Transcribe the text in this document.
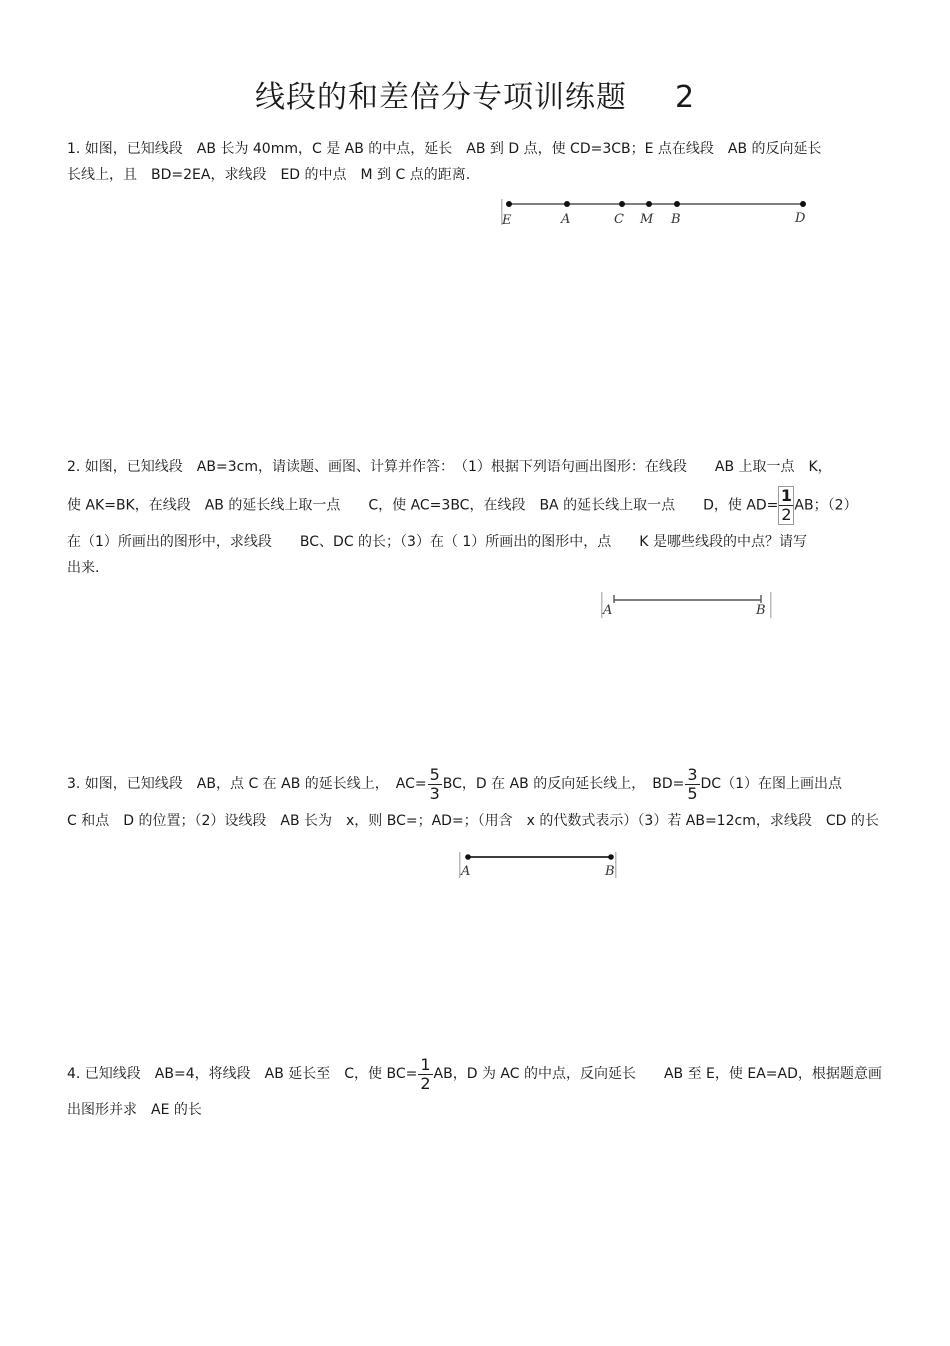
线段的和差倍分专项训练题 2
1. 如图，已知线段　AB 长为 40mm，C 是 AB 的中点，延长　AB 到 D 点，使 CD=3CB；E 点在线段　AB 的反向延长
长线上，且　BD=2EA，求线段　ED 的中点　M 到 C 点的距离.
E	A	C M B	D
2. 如图，已知线段　AB=3cm，请读题、画图、计算并作答：　（1）根据下列语句画出图形：在线段　　AB 上取一点　K，
使 AK=BK，在线段　AB 的延长线上取一点　　C，使 AC=3BC，在线段　BA 的延长线上取一点　　D，使 $AD= \frac{1}{2}$ AB；（2）
在（1）所画出的图形中，求线段　　BC、DC 的长；（3）在（ 1）所画出的图形中，点　　K 是哪些线段的中点？请写
出来.
A	B
3. 如图，已知线段　AB，点 C 在 AB 的延长线上，　$AC= \frac{5}{3}$ BC，D 在 AB 的反向延长线上，　$BD= \frac{3}{5} DC(1)$在图上画出点
C 和点　D 的位置；（2）设线段　AB 长为　x，则 BC=；AD=；（用含　x 的代数式表示）（3）若 AB=12cm，求线段　CD 的长
A	B
4. 已知线段　AB=4，将线段　AB 延长至　C，使 $BC= \frac{1}{2}$ AB，D 为 AC 的中点，反向延长　　AB 至 E，使 EA=AD，根据题意画
出图形并求　AE 的长
